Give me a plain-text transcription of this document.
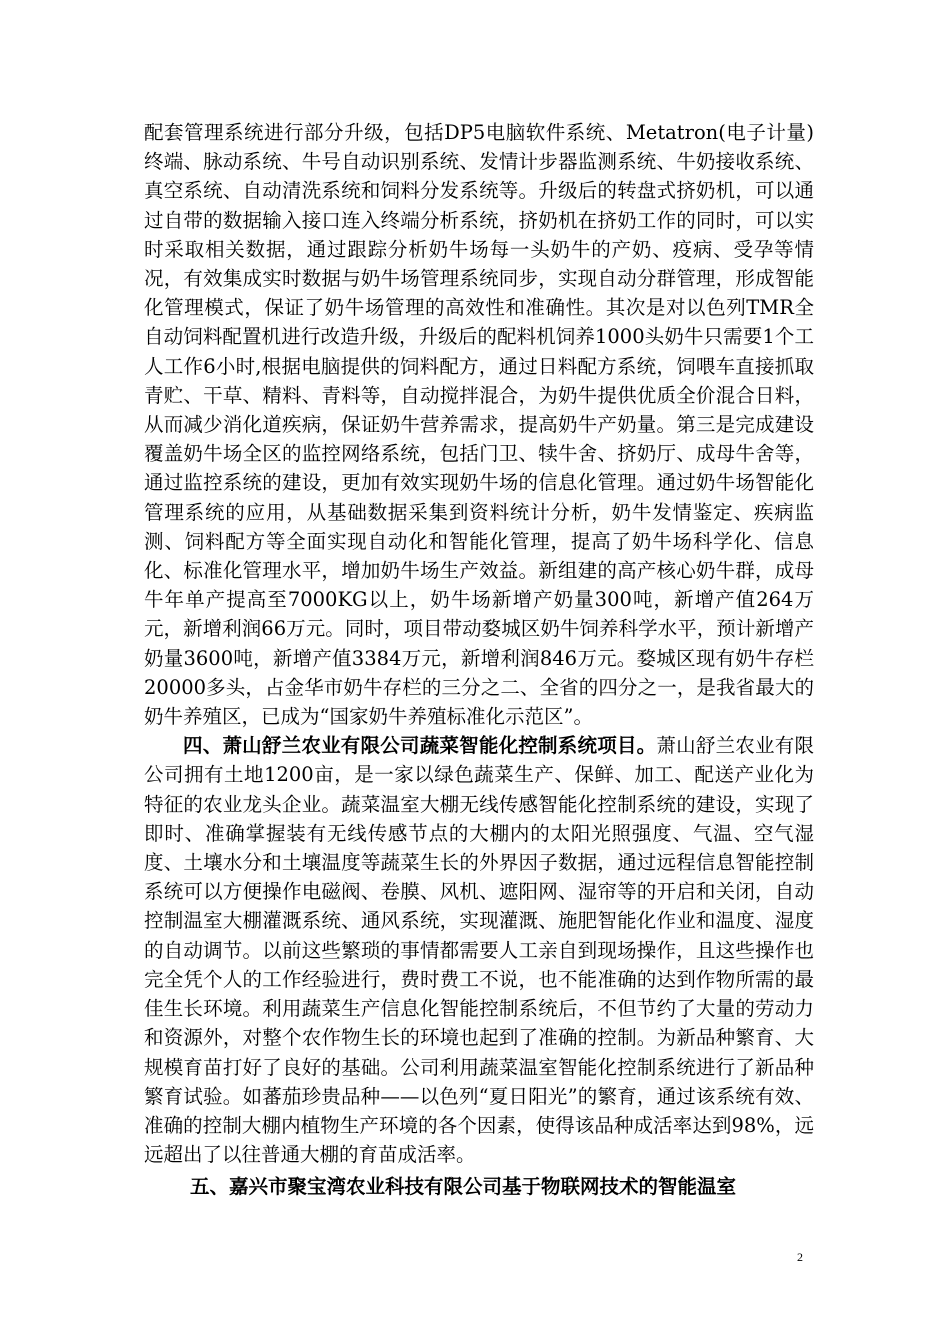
配套管理系统进行部分升级，包括DP5电脑软件系统、Metatron(电子计量)终端、脉动系统、牛号自动识别系统、发情计步器监测系统、牛奶接收系统、真空系统、自动清洗系统和饲料分发系统等。升级后的转盘式挤奶机，可以通过自带的数据输入接口连入终端分析系统，挤奶机在挤奶工作的同时，可以实时采取相关数据，通过跟踪分析奶牛场每一头奶牛的产奶、疫病、受孕等情况，有效集成实时数据与奶牛场管理系统同步，实现自动分群管理，形成智能化管理模式，保证了奶牛场管理的高效性和准确性。其次是对以色列TMR全自动饲料配置机进行改造升级，升级后的配料机饲养1000头奶牛只需要1个工人工作6小时,根据电脑提供的饲料配方，通过日料配方系统，饲喂车直接抓取青贮、干草、精料、青料等，自动搅拌混合，为奶牛提供优质全价混合日料，从而减少消化道疾病，保证奶牛营养需求，提高奶牛产奶量。第三是完成建设覆盖奶牛场全区的监控网络系统，包括门卫、犊牛舍、挤奶厅、成母牛舍等，通过监控系统的建设，更加有效实现奶牛场的信息化管理。通过奶牛场智能化管理系统的应用，从基础数据采集到资料统计分析，奶牛发情鉴定、疾病监测、饲料配方等全面实现自动化和智能化管理，提高了奶牛场科学化、信息化、标准化管理水平，增加奶牛场生产效益。新组建的高产核心奶牛群，成母牛年单产提高至7000KG以上，奶牛场新增产奶量300吨，新增产值264万元，新增利润66万元。同时，项目带动婺城区奶牛饲养科学水平，预计新增产奶量3600吨，新增产值3384万元，新增利润846万元。婺城区现有奶牛存栏20000多头，占金华市奶牛存栏的三分之二、全省的四分之一，是我省最大的奶牛养殖区，已成为“国家奶牛养殖标准化示范区”。

四、萧山舒兰农业有限公司蔬菜智能化控制系统项目。萧山舒兰农业有限公司拥有土地1200亩，是一家以绿色蔬菜生产、保鲜、加工、配送产业化为特征的农业龙头企业。蔬菜温室大棚无线传感智能化控制系统的建设，实现了即时、准确掌握装有无线传感节点的大棚内的太阳光照强度、气温、空气湿度、土壤水分和土壤温度等蔬菜生长的外界因子数据，通过远程信息智能控制系统可以方便操作电磁阀、卷膜、风机、遮阳网、湿帘等的开启和关闭，自动控制温室大棚灌溉系统、通风系统，实现灌溉、施肥智能化作业和温度、湿度的自动调节。以前这些繁琐的事情都需要人工亲自到现场操作，且这些操作也完全凭个人的工作经验进行，费时费工不说，也不能准确的达到作物所需的最佳生长环境。利用蔬菜生产信息化智能控制系统后，不但节约了大量的劳动力和资源外，对整个农作物生长的环境也起到了准确的控制。为新品种繁育、大规模育苗打好了良好的基础。公司利用蔬菜温室智能化控制系统进行了新品种繁育试验。如蕃茄珍贵品种——以色列“夏日阳光”的繁育，通过该系统有效、准确的控制大棚内植物生产环境的各个因素，使得该品种成活率达到98%，远远超出了以往普通大棚的育苗成活率。

五、嘉兴市聚宝湾农业科技有限公司基于物联网技术的智能温室

2
